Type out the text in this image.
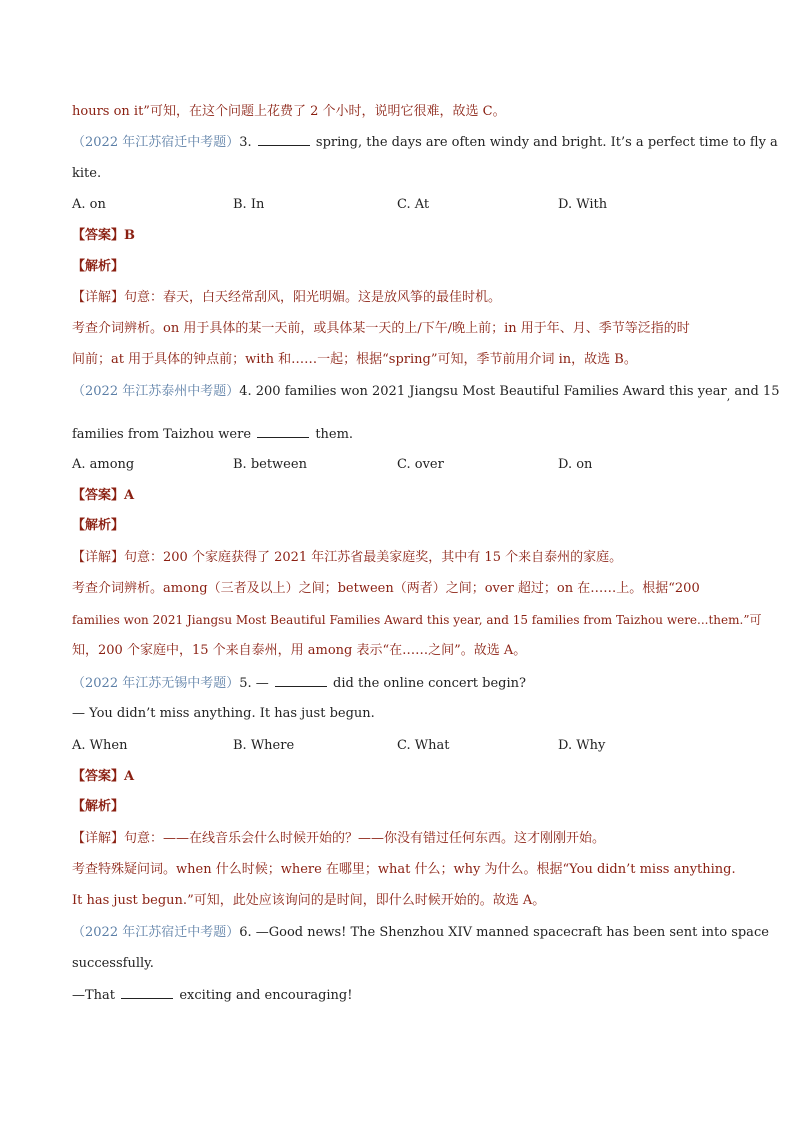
hours on it”可知，在这个问题上花费了 2 个小时，说明它很难，故选 C。
（2022 年江苏宿迁中考题）3.	spring, the days are often windy and bright. It’s a perfect time to fly a
kite.
A. on	B. In	C. At	D. With
【答案】B
【解析】
【详解】句意：春天，白天经常刮风，阳光明媚。这是放风筝的最佳时机。
考查介词辨析。on 用于具体的某一天前，或具体某一天的上/下午/晚上前；in 用于年、月、季节等泛指的时
间前；at 用于具体的钟点前；with 和……一起；根据“spring”可知，季节前用介词 in，故选 B。
（2022 年江苏泰州中考题）4. 200 families won 2021 Jiangsu Most Beautiful Families Award this year$_,$ and 15
families from Taizhou were	them.
A. among	B. between	C. over	D. on
【答案】A
【解析】
【详解】句意：200 个家庭获得了 2021 年江苏省最美家庭奖，其中有 15 个来自泰州的家庭。
考查介词辨析。among（三者及以上）之间；between（两者）之间；over 超过；on 在……上。根据“200
families won 2021 Jiangsu Most Beautiful Families Award this year, and 15 families from Taizhou were...them.”可
知，200 个家庭中，15 个来自泰州，用 among 表示“在……之间”。故选 A。
（2022 年江苏无锡中考题）5. —	did the online concert begin?
— You didn’t miss anything. It has just begun.
A. When	B. Where	C. What	D. Why
【答案】A
【解析】
【详解】句意：——在线音乐会什么时候开始的？——你没有错过任何东西。这才刚刚开始。
考查特殊疑问词。when 什么时候；where 在哪里；what 什么；why 为什么。根据“You didn’t miss anything.
It has just begun.”可知，此处应该询问的是时间，即什么时候开始的。故选 A。
（2022 年江苏宿迁中考题）6. —Good news! The Shenzhou XIV manned spacecraft has been sent into space
successfully.
—That	exciting and encouraging!
